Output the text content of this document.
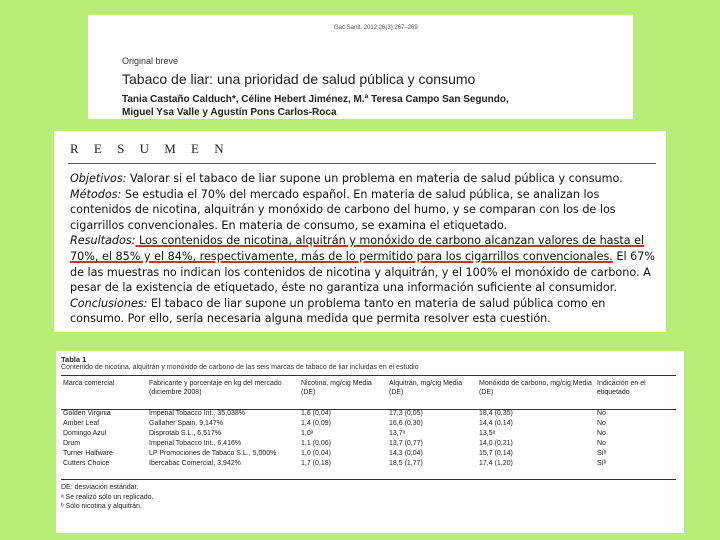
Gac Sanit. 2012;26(3):267–269
Original breve
Tabaco de liar: una prioridad de salud pública y consumo
Tania Castaño Calduch*, Céline Hebert Jiménez, M.ª Teresa Campo San Segundo,
Miguel Ysa Valle y Agustín Pons Carlos-Roca
R E S U M E N

Objetivos: Valorar si el tabaco de liar supone un problema en materia de salud pública y consumo.

Métodos: Se estudia el 70% del mercado español. En materia de salud pública, se analizan los contenidos de nicotina, alquitrán y monóxido de carbono del humo, y se comparan con los de los cigarrillos convencionales. En materia de consumo, se examina el etiquetado.

Resultados: Los contenidos de nicotina, alquitrán y monóxido de carbono alcanzan valores de hasta el 70%, el 85% y el 84%, respectivamente, más de lo permitido para los cigarrillos convencionales. El 67% de las muestras no indican los contenidos de nicotina y alquitrán, y el 100% el monóxido de carbono. A pesar de la existencia de etiquetado, éste no garantiza una información suficiente al consumidor.

Conclusiones: El tabaco de liar supone un problema tanto en materia de salud pública como en consumo. Por ello, sería necesaria alguna medida que permita resolver esta cuestión.

Tabla 1
Contenido de nicotina, alquitrán y monóxido de carbono de las seis marcas de tabaco de liar incluidas en el estudio
Marca comercial	Fabricante y porcentaje en kg del mercado (diciembre 2008)	Nicotina, mg/cig Media (DE)	Alquitrán, mg/cig Media (DE)	Monóxido de carbono, mg/cig Media (DE)	Indicación en el etiquetado
Golden Virginia	Imperial Tobacco Int., 35,038%	1,6 (0,04)	17,3 (0,05)	18,4 (0,35)	No
Amber Leaf	Gallaher Spain, 9,147%	1,4 (0,09)	16,6 (0,30)	14,4 (0,14)	No
Domingo Azul	Disprotab S.L., 6,517%	1,0ᵃ	13,7ᵃ	13,5ᵃ	No
Drum	Imperial Tobacco Int., 6,416%	1,1 (0,06)	13,7 (0,77)	14,0 (0,21)	No
Turner Halfware	LP Promociones de Tabaco S.L., 5,000%	1,0 (0,04)	14,3 (0,04)	15,7 (0,14)	Síᵇ
Cutters Choice	Ibercabac Comercial, 3,942%	1,7 (0,18)	18,5 (1,77)	17,4 (1,20)	Síᵇ
DE: desviación estándar.
ᵃ Se realizó sólo un replicado.
ᵇ Sólo nicotina y alquitrán.
